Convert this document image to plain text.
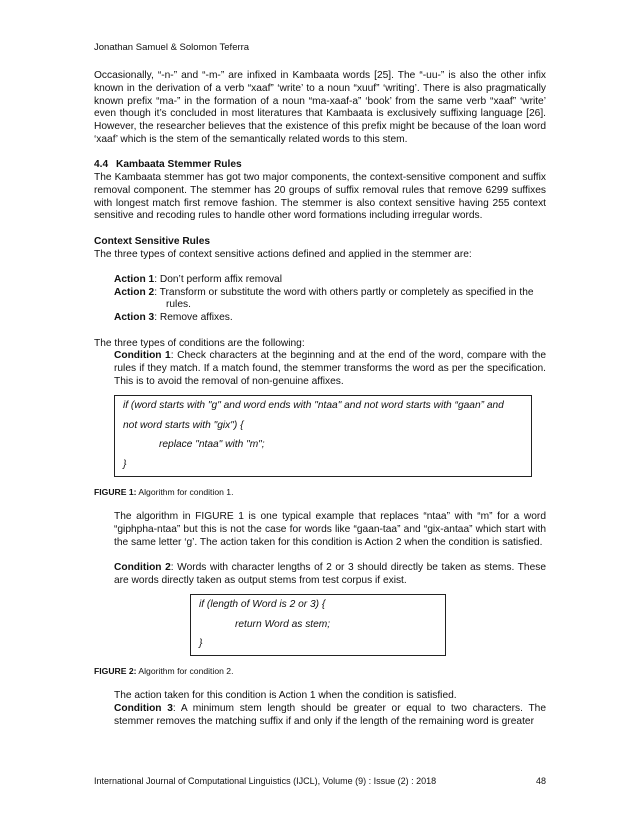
Jonathan Samuel & Solomon Teferra

Occasionally, “-n-” and “-m-” are infixed in Kambaata words [25]. The “-uu-” is also the other infix known in the derivation of a verb “xaaf” ‘write’ to a noun “xuuf” ‘writing’. There is also pragmatically known prefix “ma-” in the formation of a noun “ma-xaaf-a” ‘book’ from the same verb “xaaf” ‘write’ even though it’s concluded in most literatures that Kambaata is exclusively suffixing language [26]. However, the researcher believes that the existence of this prefix might be because of the loan word ‘xaaf’ which is the stem of the semantically related words to this stem.

4.4 Kambaata Stemmer Rules

The Kambaata stemmer has got two major components, the context-sensitive component and suffix removal component. The stemmer has 20 groups of suffix removal rules that remove 6299 suffixes with longest match first remove fashion. The stemmer is also context sensitive having 255 context sensitive and recoding rules to handle other word formations including irregular words.

Context Sensitive Rules

The three types of context sensitive actions defined and applied in the stemmer are:

Action 1: Don’t perform affix removal

Action 2: Transform or substitute the word with others partly or completely as specified in the
rules.

Action 3: Remove affixes.

The three types of conditions are the following:

Condition 1: Check characters at the beginning and at the end of the word, compare with the rules if they match. If a match found, the stemmer transforms the word as per the specification. This is to avoid the removal of non-genuine affixes.

if (word starts with "g" and word ends with "ntaa" and not word starts with “gaan” and

not word starts with "gix") {

replace "ntaa" with "m";

}

FIGURE 1: Algorithm for condition 1.

The algorithm in FIGURE 1 is one typical example that replaces “ntaa” with “m” for a word “giphpha-ntaa” but this is not the case for words like “gaan-taa” and “gix-antaa” which start with the same letter ‘g’. The action taken for this condition is Action 2 when the condition is satisfied.

Condition 2: Words with character lengths of 2 or 3 should directly be taken as stems. These are words directly taken as output stems from test corpus if exist.

if (length of Word is 2 or 3) {

return Word as stem;

}

FIGURE 2: Algorithm for condition 2.

The action taken for this condition is Action 1 when the condition is satisfied.

Condition 3: A minimum stem length should be greater or equal to two characters. The stemmer removes the matching suffix if and only if the length of the remaining word is greater

International Journal of Computational Linguistics (IJCL), Volume (9) : Issue (2) : 2018	48
